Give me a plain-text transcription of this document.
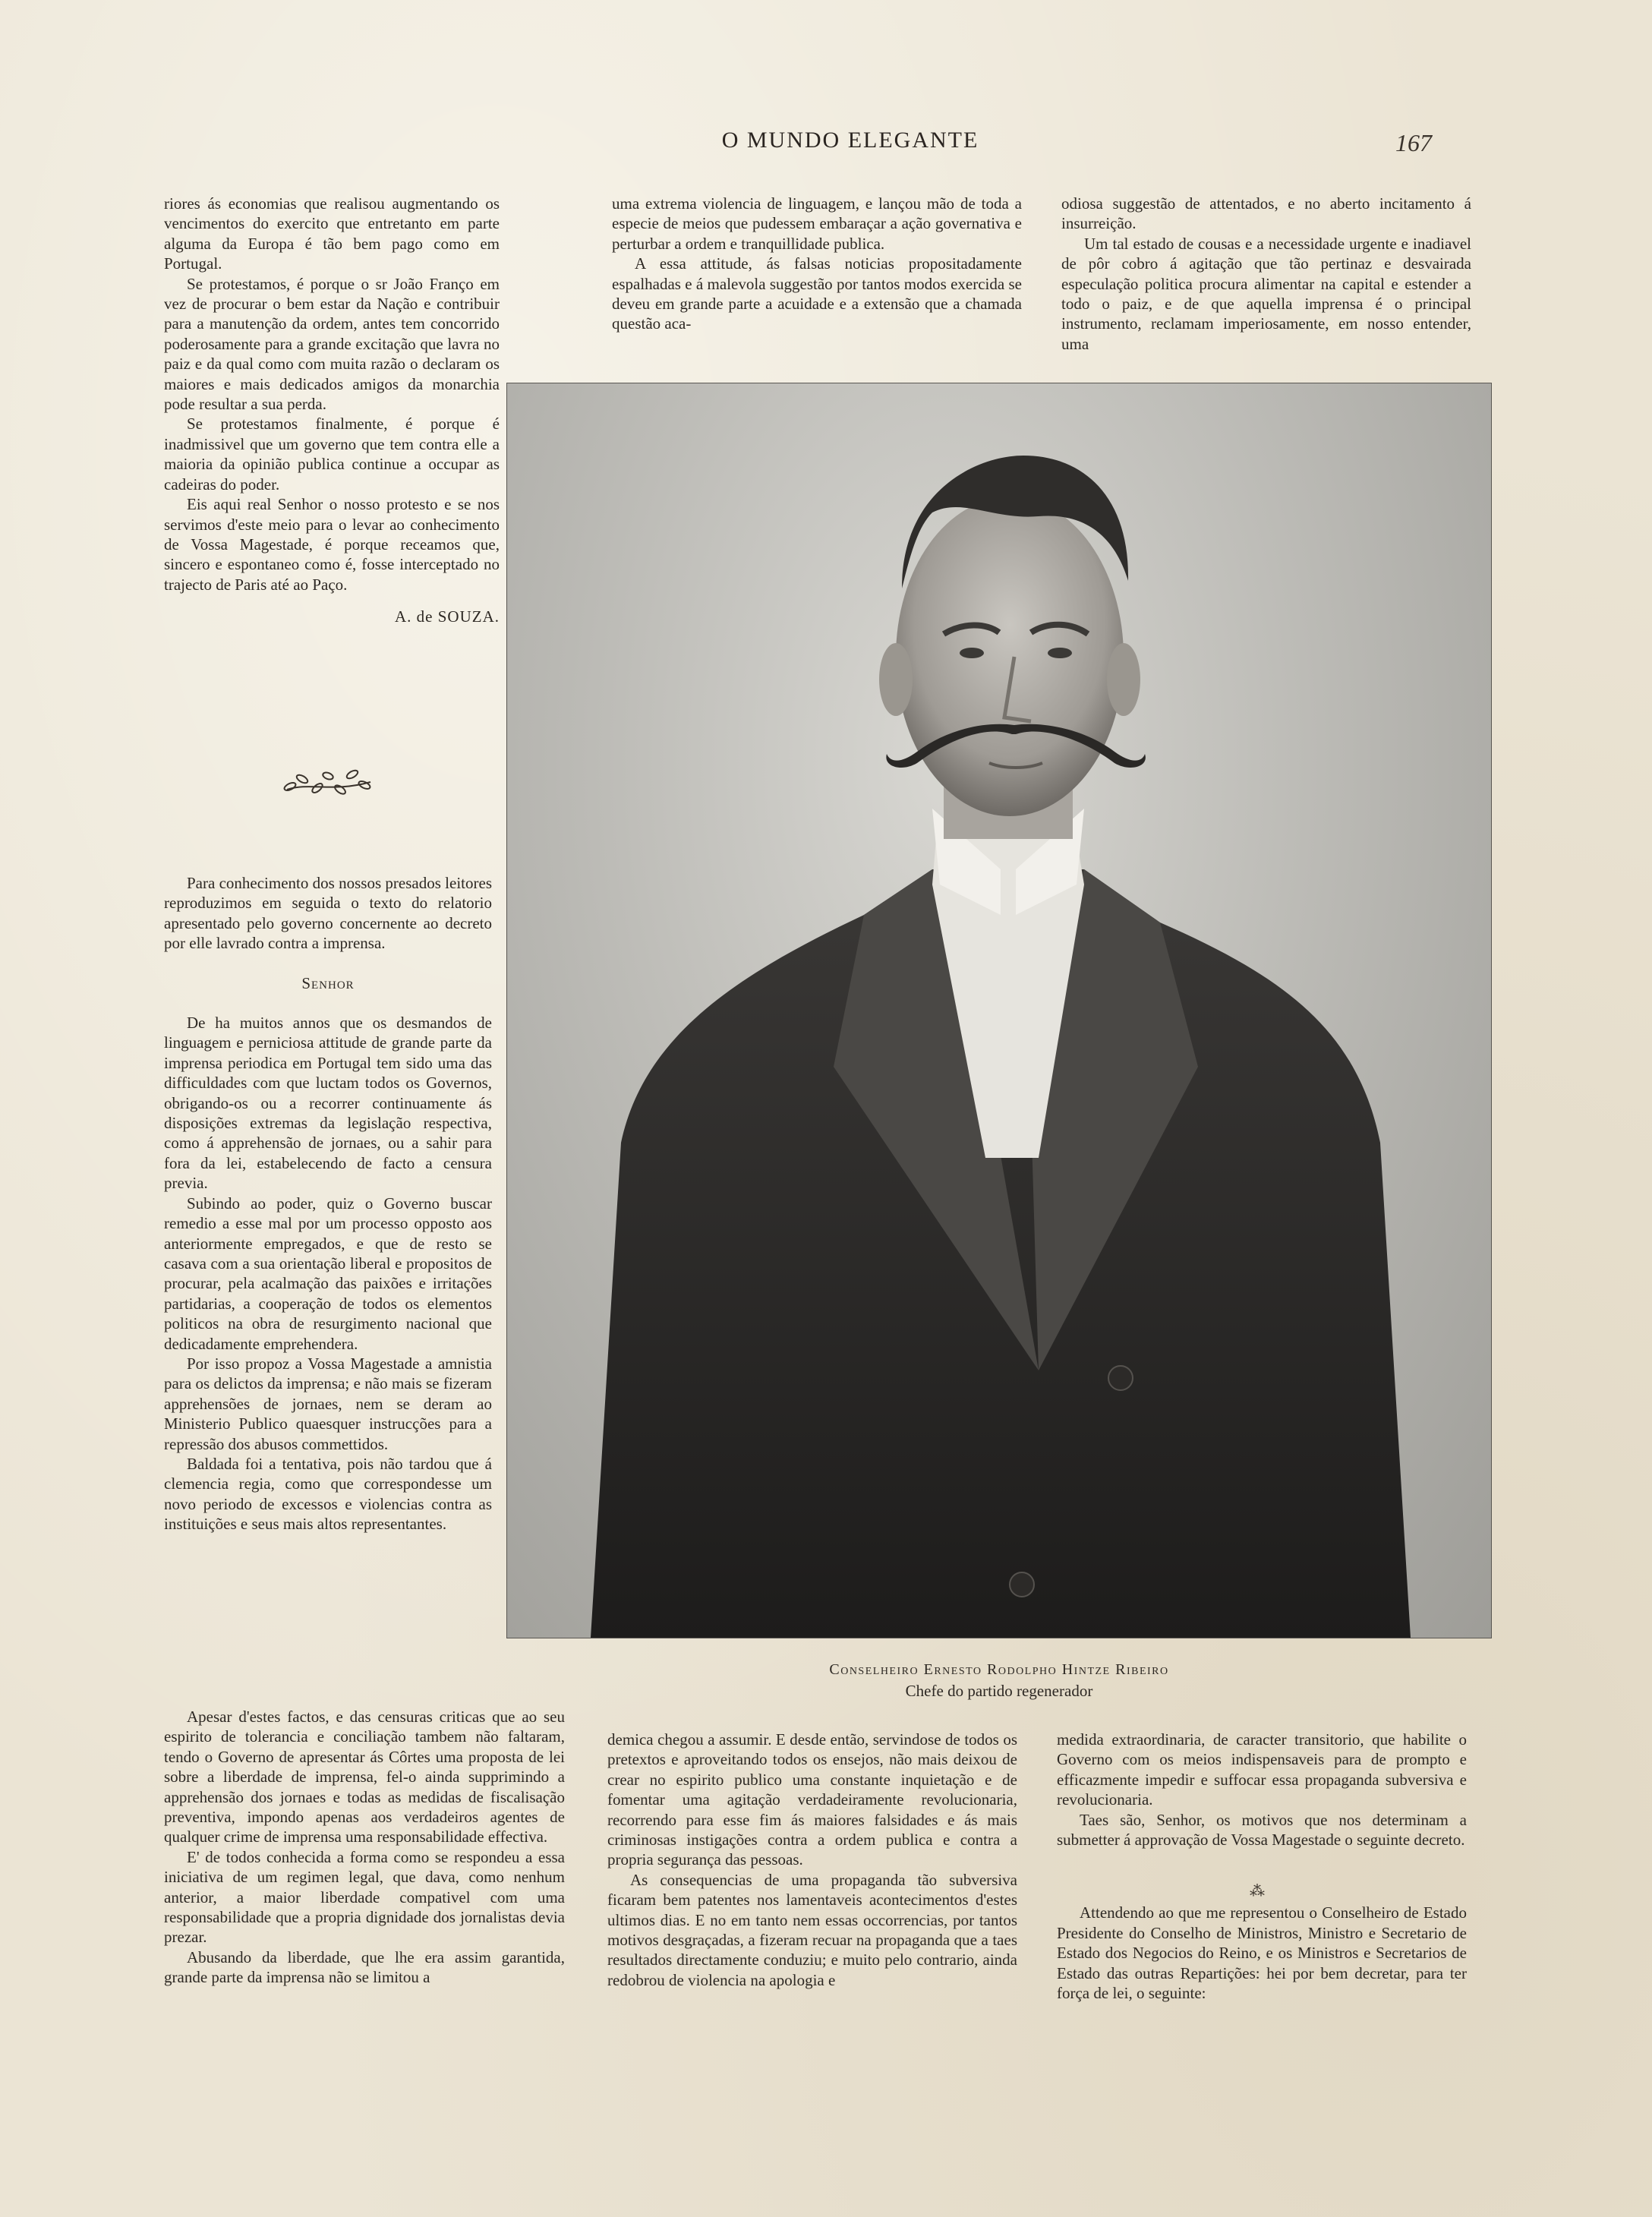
O MUNDO ELEGANTE	167

riores ás economias que realisou augmentando os vencimentos do exercito que entretanto em parte alguma da Europa é tão bem pago como em Portugal.

Se protestamos, é porque o sr João Franço em vez de procurar o bem estar da Nação e contribuir para a manutenção da ordem, antes tem concorrido poderosamente para a grande excitação que lavra no paiz e da qual como com muita razão o declaram os maiores e mais dedicados amigos da monarchia pode resultar a sua perda.

Se protestamos finalmente, é porque é inadmissivel que um governo que tem contra elle a maioria da opinião publica continue a occupar as cadeiras do poder.

Eis aqui real Senhor o nosso protesto e se nos servimos d'este meio para o levar ao conhecimento de Vossa Magestade, é porque receamos que, sincero e espontaneo como é, fosse interceptado no trajecto de Paris até ao Paço.

A. de SOUZA.

Para conhecimento dos nossos presados leitores reproduzimos em seguida o texto do relatorio apresentado pelo governo concernente ao decreto por elle lavrado contra a imprensa.

Senhor

De ha muitos annos que os desmandos de linguagem e perniciosa attitude de grande parte da imprensa periodica em Portugal tem sido uma das difficuldades com que luctam todos os Governos, obrigando-os ou a recorrer continuamente ás disposições extremas da legislação respectiva, como á apprehensão de jornaes, ou a sahir para fora da lei, estabelecendo de facto a censura previa.

Subindo ao poder, quiz o Governo buscar remedio a esse mal por um processo opposto aos anteriormente empregados, e que de resto se casava com a sua orientação liberal e propositos de procurar, pela acalmação das paixões e irritações partidarias, a cooperação de todos os elementos politicos na obra de resurgimento nacional que dedicadamente emprehendera.

Por isso propoz a Vossa Magestade a amnistia para os delictos da imprensa; e não mais se fizeram apprehensões de jornaes, nem se deram ao Ministerio Publico quaesquer instrucções para a repressão dos abusos commettidos.

Baldada foi a tentativa, pois não tardou que á clemencia regia, como que correspondesse um novo periodo de excessos e violencias contra as instituições e seus mais altos representantes.

Apesar d'estes factos, e das censuras criticas que ao seu espirito de tolerancia e conciliação tambem não faltaram, tendo o Governo de apresentar ás Côrtes uma proposta de lei sobre a liberdade de imprensa, fel-o ainda supprimindo a apprehensão dos jornaes e todas as medidas de fiscalisação preventiva, impondo apenas aos verdadeiros agentes de qualquer crime de imprensa uma responsabilidade effectiva.

E' de todos conhecida a forma como se respondeu a essa iniciativa de um regimen legal, que dava, como nenhum anterior, a maior liberdade compativel com uma responsabilidade que a propria dignidade dos jornalistas devia prezar.

Abusando da liberdade, que lhe era assim garantida, grande parte da imprensa não se limitou a

uma extrema violencia de linguagem, e lançou mão de toda a especie de meios que pudessem embaraçar a ação governativa e perturbar a ordem e tranquillidade publica.

A essa attitude, ás falsas noticias propositadamente espalhadas e á malevola suggestão por tantos modos exercida se deveu em grande parte a acuidade e a extensão que a chamada questão aca-

odiosa suggestão de attentados, e no aberto incitamento á insurreição.

Um tal estado de cousas e a necessidade urgente e inadiavel de pôr cobro á agitação que tão pertinaz e desvairada especulação politica procura alimentar na capital e estender a todo o paiz, e de que aquella imprensa é o principal instrumento, reclamam imperiosamente, em nosso entender, uma

Conselheiro Ernesto Rodolpho Hintze Ribeiro
Chefe do partido regenerador

demica chegou a assumir. E desde então, servindose de todos os pretextos e aproveitando todos os ensejos, não mais deixou de crear no espirito publico uma constante inquietação e de fomentar uma agitação verdadeiramente revolucionaria, recorrendo para esse fim ás maiores falsidades e ás mais criminosas instigações contra a ordem publica e contra a propria segurança das pessoas.

As consequencias de uma propaganda tão subversiva ficaram bem patentes nos lamentaveis acontecimentos d'estes ultimos dias. E no em tanto nem essas occorrencias, por tantos motivos desgraçadas, a fizeram recuar na propaganda que a taes resultados directamente conduziu; e muito pelo contrario, ainda redobrou de violencia na apologia e

medida extraordinaria, de caracter transitorio, que habilite o Governo com os meios indispensaveis para de prompto e efficazmente impedir e suffocar essa propaganda subversiva e revolucionaria.

Taes são, Senhor, os motivos que nos determinam a submetter á approvação de Vossa Magestade o seguinte decreto.

Attendendo ao que me representou o Conselheiro de Estado Presidente do Conselho de Ministros, Ministro e Secretario de Estado dos Negocios do Reino, e os Ministros e Secretarios de Estado das outras Repartições: hei por bem decretar, para ter força de lei, o seguinte:

⁂
